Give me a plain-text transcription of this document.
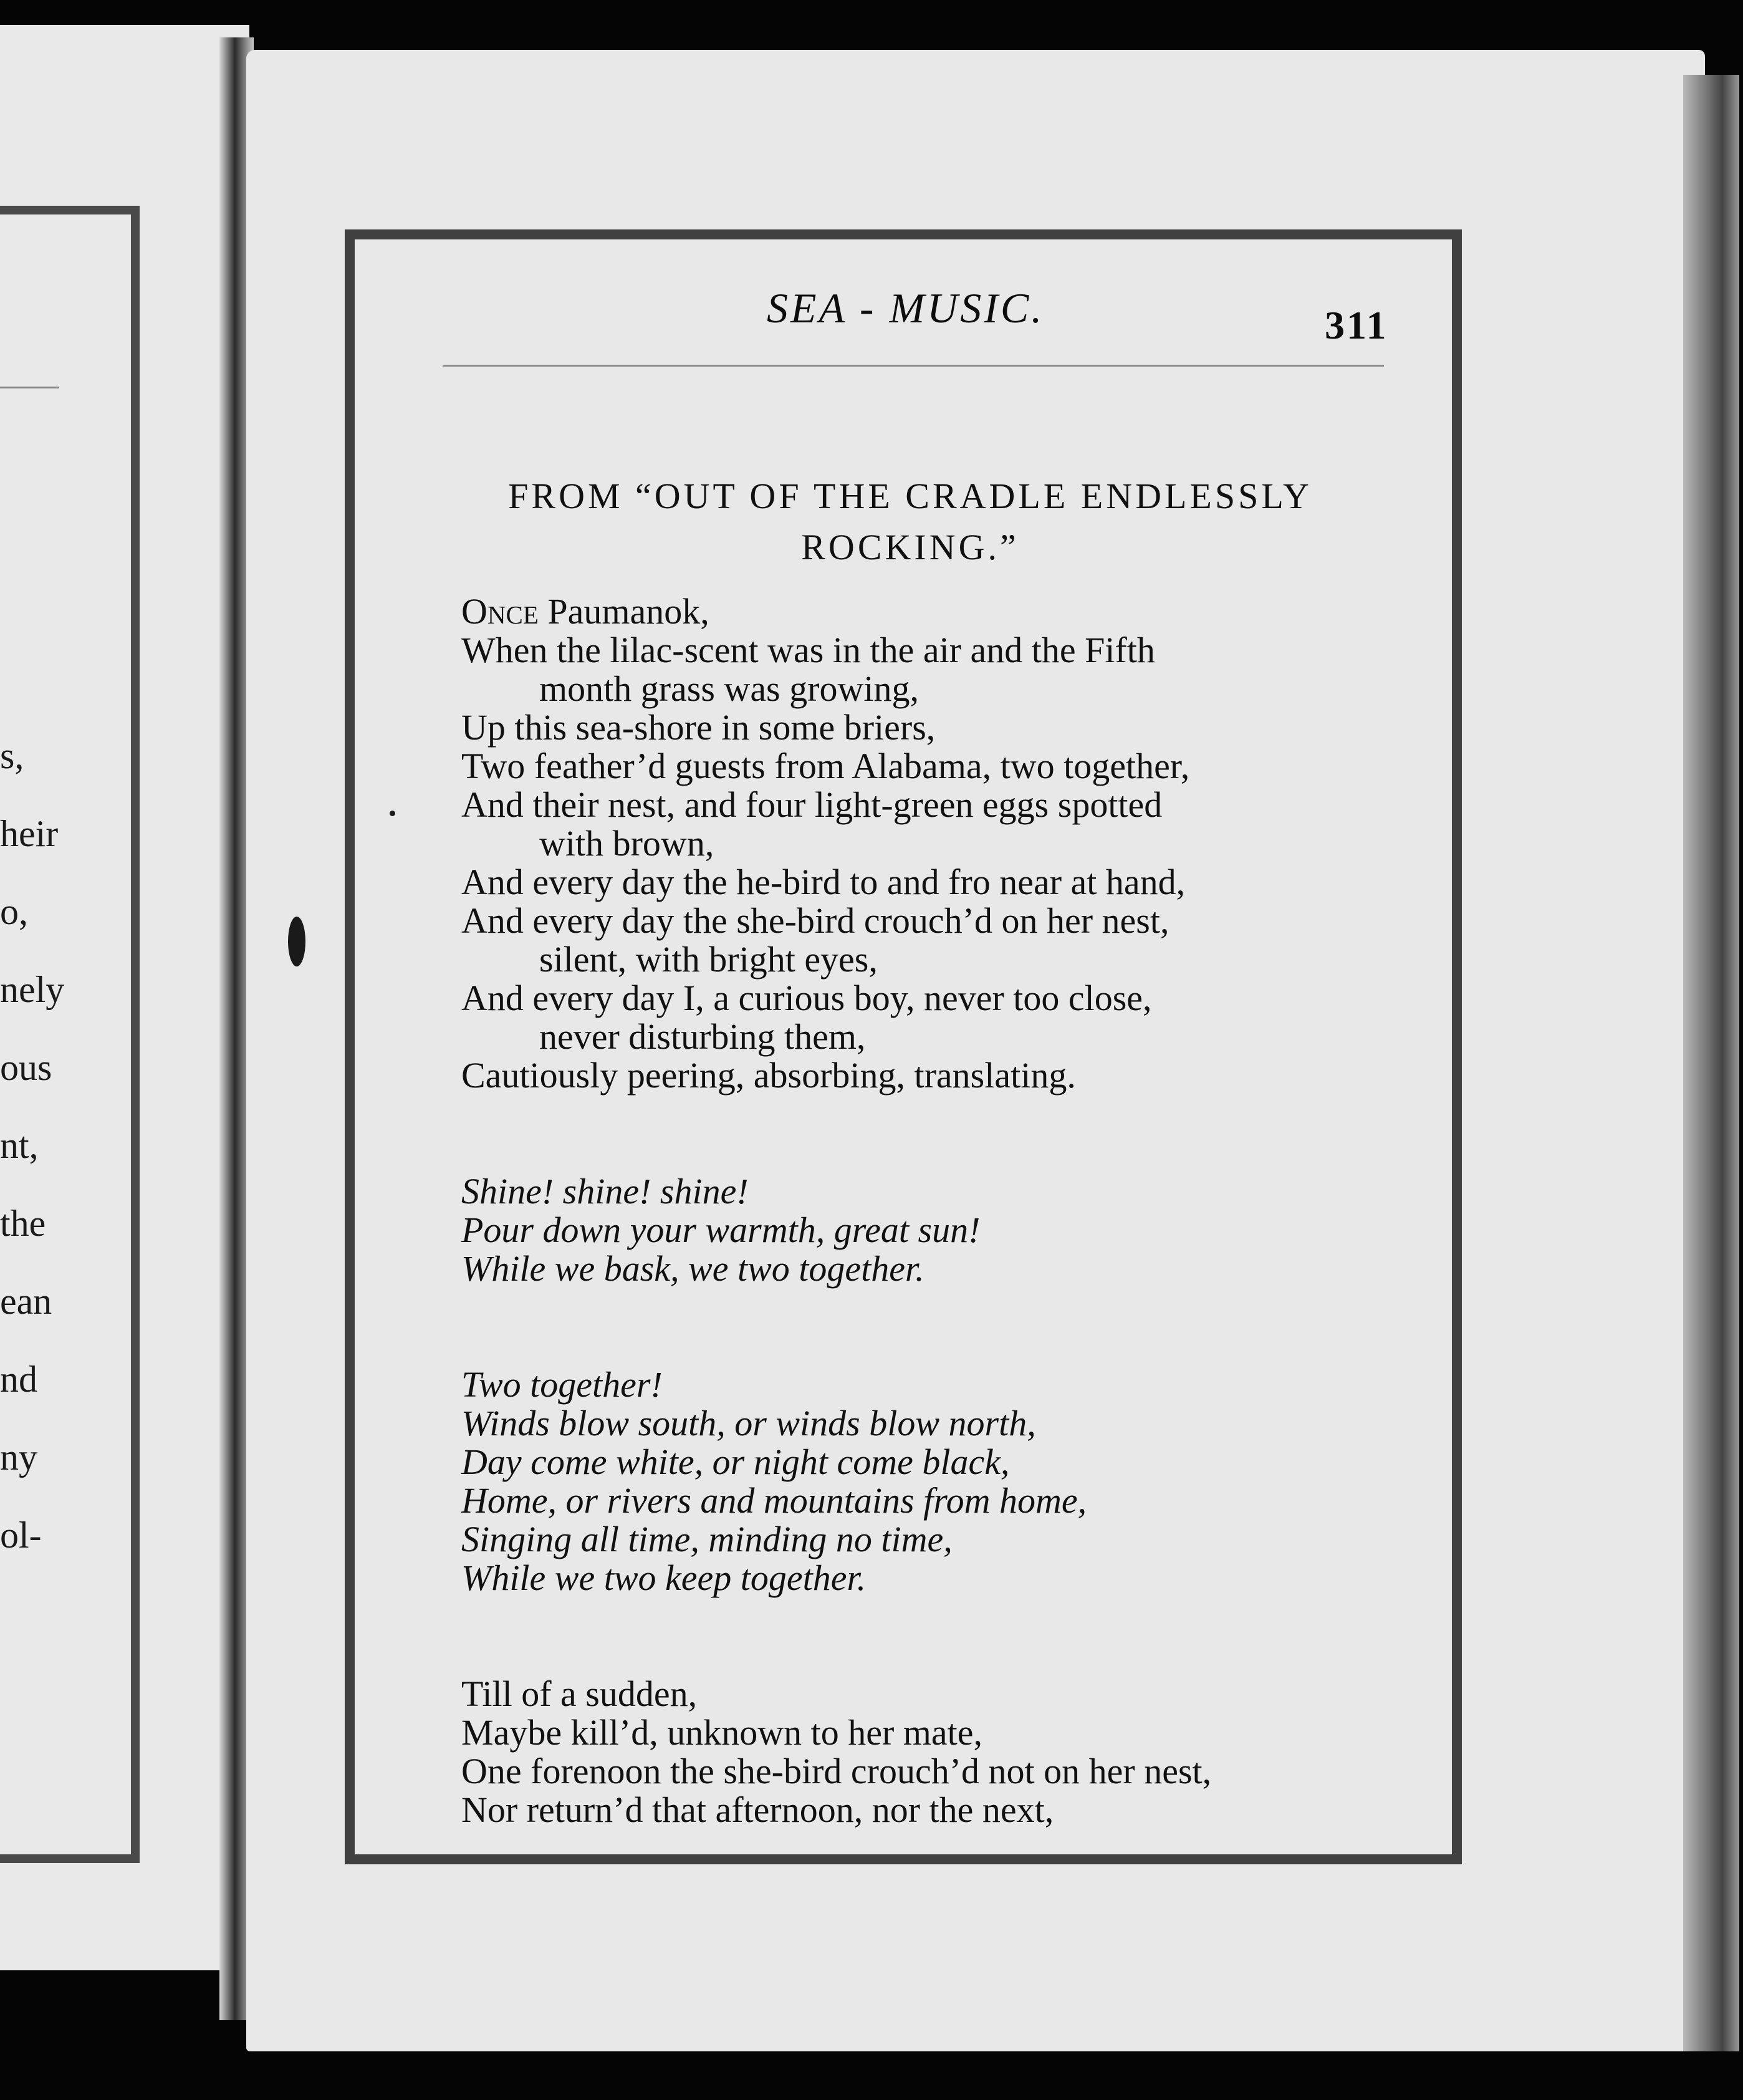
s,
heir
o,
nely
ous
nt,
the
ean
nd
ny
ol-
SEA - MUSIC.	311
FROM “OUT OF THE CRADLE ENDLESSLY ROCKING.”
Once Paumanok,
When the lilac-scent was in the air and the Fifth
month grass was growing,
Up this sea-shore in some briers,
Two feather’d guests from Alabama, two together,
And their nest, and four light-green eggs spotted
with brown,
And every day the he-bird to and fro near at hand,
And every day the she-bird crouch’d on her nest,
silent, with bright eyes,
And every day I, a curious boy, never too close,
never disturbing them,
Cautiously peering, absorbing, translating.
Shine! shine! shine!
Pour down your warmth, great sun!
While we bask, we two together.
Two together!
Winds blow south, or winds blow north,
Day come white, or night come black,
Home, or rivers and mountains from home,
Singing all time, minding no time,
While we two keep together.
Till of a sudden,
Maybe kill’d, unknown to her mate,
One forenoon the she-bird crouch’d not on her nest,
Nor return’d that afternoon, nor the next,
